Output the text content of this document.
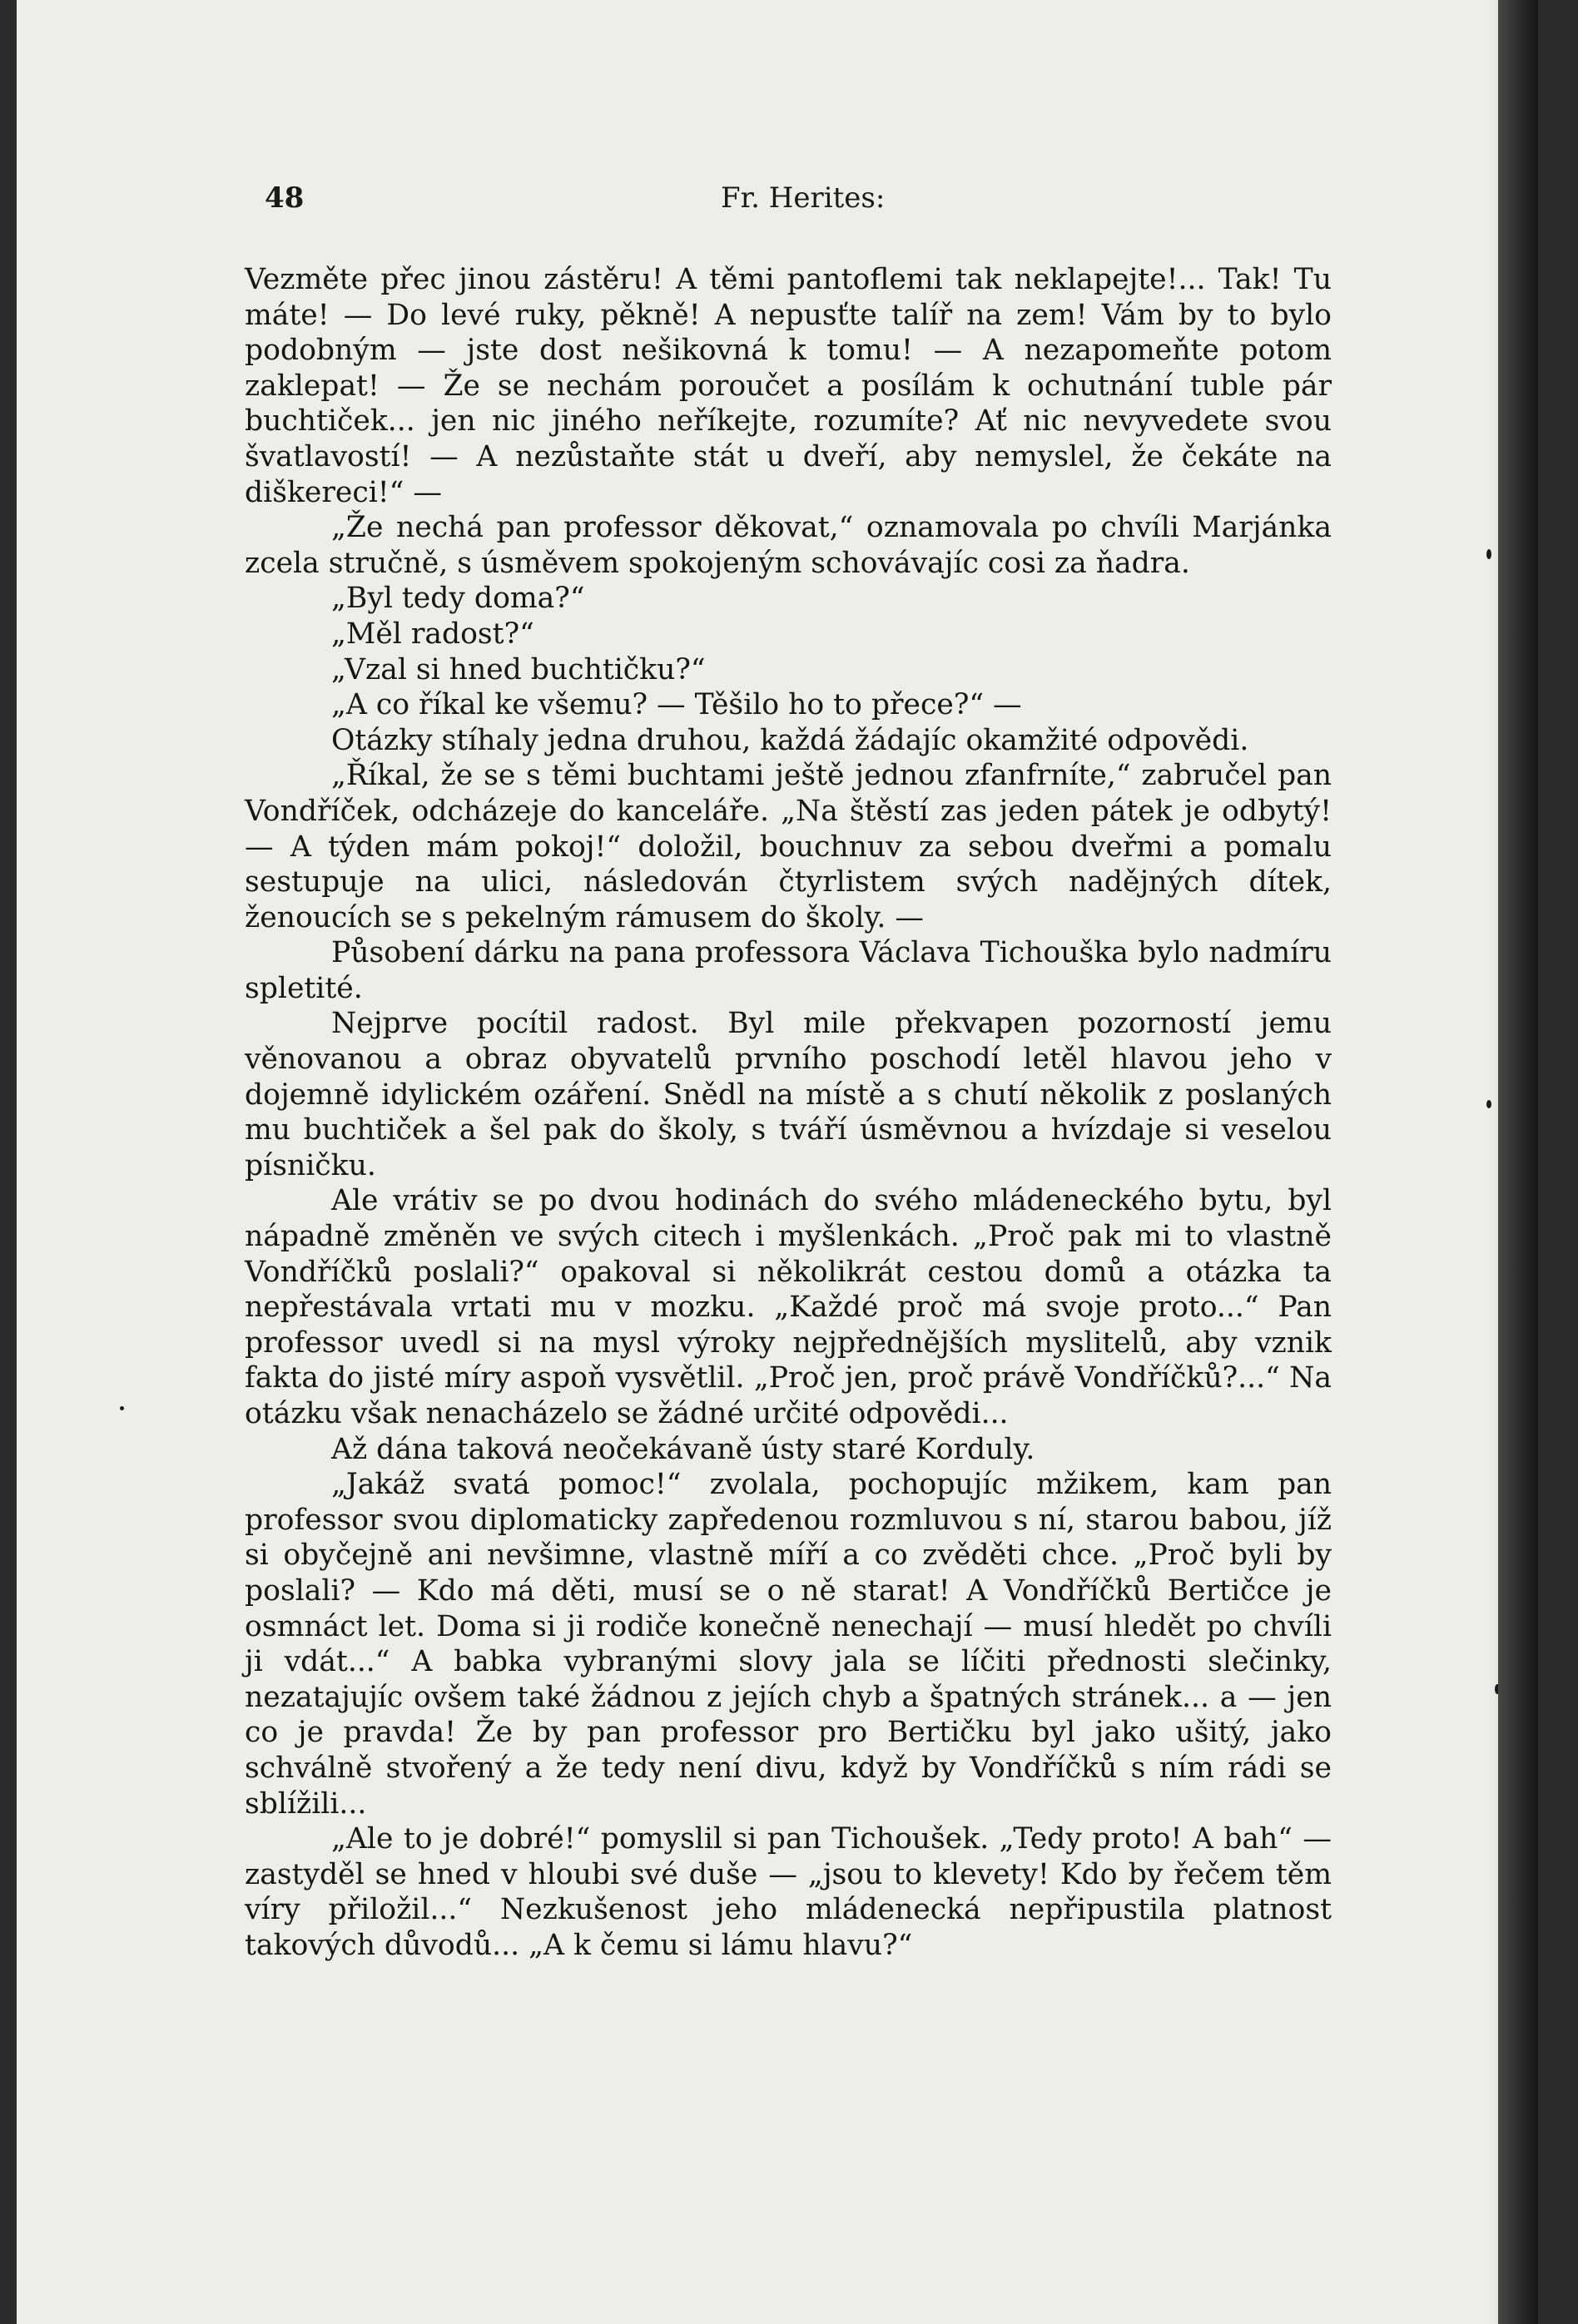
48	Fr. Herites:

Vezměte přec jinou zástěru! A těmi pantoflemi tak neklapejte!... Tak! Tu máte! — Do levé ruky, pěkně! A nepusťte talíř na zem! Vám by to bylo podobným — jste dost nešikovná k tomu! — A nezapomeňte potom zaklepat! — Že se nechám poroučet a posílám k ochutnání tuble pár buchtiček... jen nic jiného neříkejte, rozumíte? Ať nic nevyvedete svou švatlavostí! — A nezůstaňte stát u dveří, aby nemyslel, že čekáte na diškereci!“ —

„Že nechá pan professor děkovat,“ oznamovala po chvíli Marjánka zcela stručně, s úsměvem spokojeným schovávajíc cosi za ňadra.

„Byl tedy doma?“

„Měl radost?“

„Vzal si hned buchtičku?“

„A co říkal ke všemu? — Těšilo ho to přece?“ —

Otázky stíhaly jedna druhou, každá žádajíc okamžité odpovědi.

„Říkal, že se s těmi buchtami ještě jednou zfanfrníte,“ zabručel pan Vondříček, odcházeje do kanceláře. „Na štěstí zas jeden pátek je odbytý! — A týden mám pokoj!“ doložil, bouchnuv za sebou dveřmi a pomalu sestupuje na ulici, následován čtyrlistem svých nadějných dítek, ženoucích se s pekelným rámusem do školy. —

Působení dárku na pana professora Václava Tichouška bylo nadmíru spletité.

Nejprve pocítil radost. Byl mile překvapen pozorností jemu věnovanou a obraz obyvatelů prvního poschodí letěl hlavou jeho v dojemně idylickém ozáření. Snědl na místě a s chutí několik z poslaných mu buchtiček a šel pak do školy, s tváří úsměvnou a hvízdaje si veselou písničku.

Ale vrátiv se po dvou hodinách do svého mládeneckého bytu, byl nápadně změněn ve svých citech i myšlenkách. „Proč pak mi to vlastně Vondříčků poslali?“ opakoval si několikrát cestou domů a otázka ta nepřestávala vrtati mu v mozku. „Každé proč má svoje proto...“ Pan professor uvedl si na mysl výroky nejpřednějších myslitelů, aby vznik fakta do jisté míry aspoň vysvětlil. „Proč jen, proč právě Vondříčků?...“ Na otázku však nenacházelo se žádné určité odpovědi...

Až dána taková neočekávaně ústy staré Korduly.

„Jakáž svatá pomoc!“ zvolala, pochopujíc mžikem, kam pan professor svou diplomaticky zapředenou rozmluvou s ní, starou babou, jíž si obyčejně ani nevšimne, vlastně míří a co zvěděti chce. „Proč byli by poslali? — Kdo má děti, musí se o ně starat! A Vondříčků Bertičce je osmnáct let. Doma si ji rodiče konečně nenechají — musí hledět po chvíli ji vdát...“ A babka vybranými slovy jala se líčiti přednosti slečinky, nezatajujíc ovšem také žádnou z jejích chyb a špatných stránek... a — jen co je pravda! Že by pan professor pro Bertičku byl jako ušitý, jako schválně stvořený a že tedy není divu, když by Vondříčků s ním rádi se sblížili...

„Ale to je dobré!“ pomyslil si pan Tichoušek. „Tedy proto! A bah“ — zastyděl se hned v hloubi své duše — „jsou to klevety! Kdo by řečem těm víry přiložil...“ Nezkušenost jeho mládenecká nepřipustila platnost takových důvodů... „A k čemu si lámu hlavu?“
